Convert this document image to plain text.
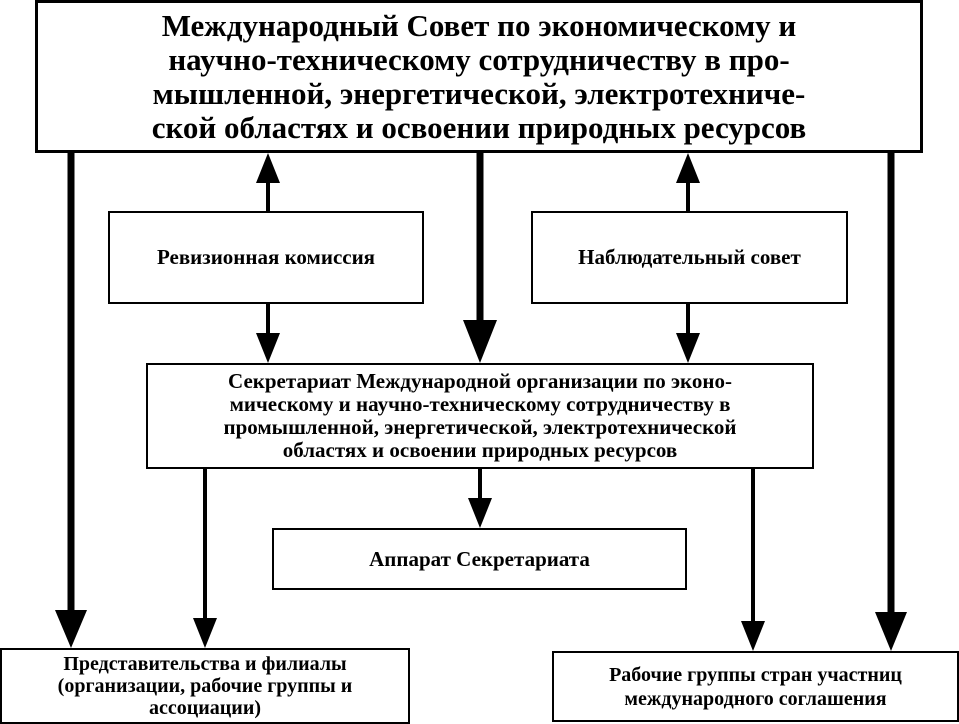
Международный Совет по экономическому и
научно-техническому сотрудничеству в про-
мышленной, энергетической, электротехниче-
ской областях и освоении природных ресурсов
Ревизионная комиссия	Наблюдательный совет
Секретариат Международной организации по эконо-
мическому и научно-техническому сотрудничеству в
промышленной, энергетической, электротехнической
областях и освоении природных ресурсов
Аппарат Секретариата
Представительства и филиалы
(организации, рабочие группы и
ассоциации)
Рабочие группы стран участниц
международного соглашения
